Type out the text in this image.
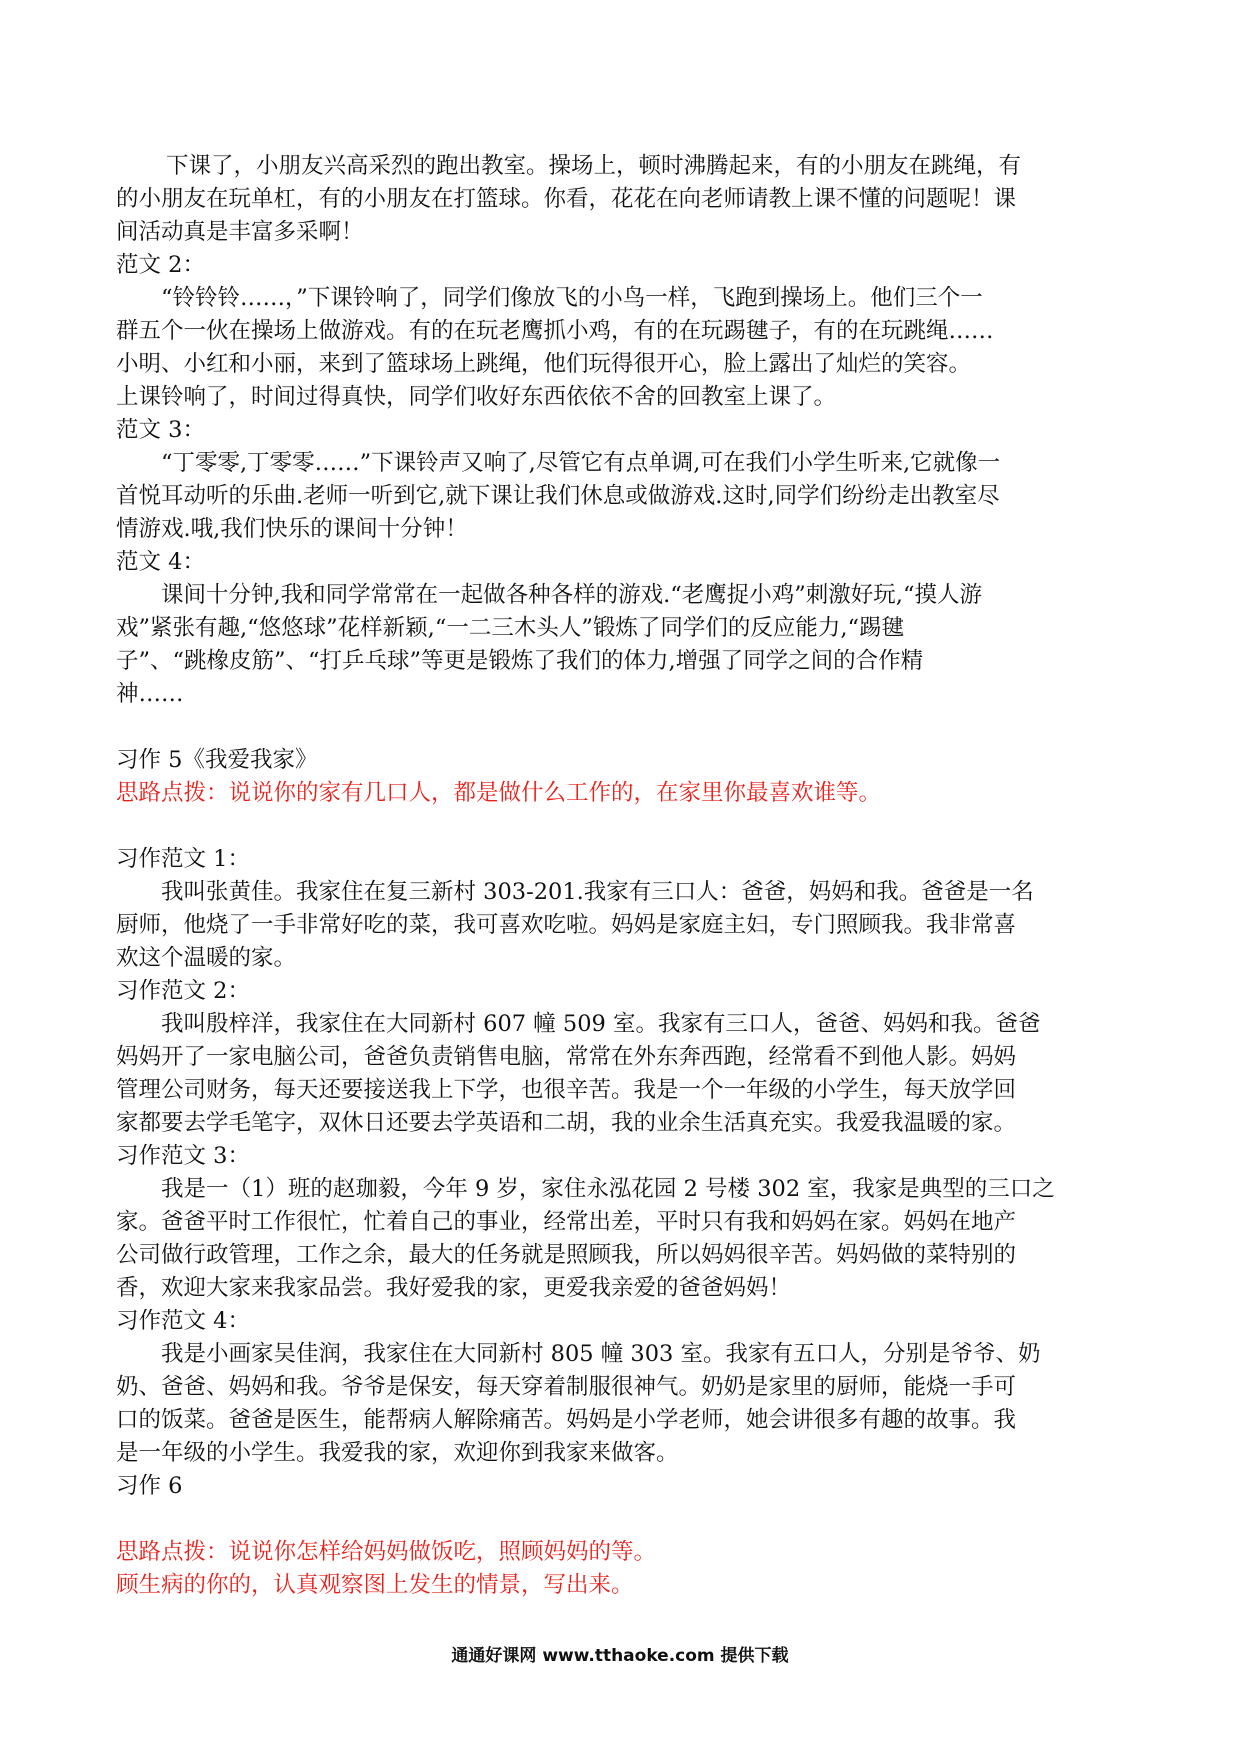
下课了，小朋友兴高采烈的跑出教室。操场上，顿时沸腾起来，有的小朋友在跳绳，有

的小朋友在玩单杠，有的小朋友在打篮球。你看，花花在向老师请教上课不懂的问题呢！课

间活动真是丰富多采啊！

范文 2：

“铃铃铃……，”下课铃响了，同学们像放飞的小鸟一样，飞跑到操场上。他们三个一

群五个一伙在操场上做游戏。有的在玩老鹰抓小鸡，有的在玩踢毽子，有的在玩跳绳……

小明、小红和小丽，来到了篮球场上跳绳，他们玩得很开心，脸上露出了灿烂的笑容。

上课铃响了，时间过得真快，同学们收好东西依依不舍的回教室上课了。

范文 3：

“丁零零,丁零零……”下课铃声又响了,尽管它有点单调,可在我们小学生听来,它就像一

首悦耳动听的乐曲.老师一听到它,就下课让我们休息或做游戏.这时,同学们纷纷走出教室尽

情游戏.哦,我们快乐的课间十分钟！

范文 4：

课间十分钟,我和同学常常在一起做各种各样的游戏.“老鹰捉小鸡”刺激好玩,“摸人游

戏”紧张有趣,“悠悠球”花样新颖,“一二三木头人”锻炼了同学们的反应能力,“踢毽

子”、“跳橡皮筋”、“打乒乓球”等更是锻炼了我们的体力,增强了同学之间的合作精

神……

习作 5《我爱我家》

思路点拨：说说你的家有几口人，都是做什么工作的，在家里你最喜欢谁等。

习作范文 1：

我叫张黄佳。我家住在复三新村 303-201.我家有三口人：爸爸，妈妈和我。爸爸是一名

厨师，他烧了一手非常好吃的菜，我可喜欢吃啦。妈妈是家庭主妇，专门照顾我。我非常喜

欢这个温暖的家。

习作范文 2：

我叫殷梓洋，我家住在大同新村 607 幢 509 室。我家有三口人，爸爸、妈妈和我。爸爸

妈妈开了一家电脑公司，爸爸负责销售电脑，常常在外东奔西跑，经常看不到他人影。妈妈

管理公司财务，每天还要接送我上下学，也很辛苦。我是一个一年级的小学生，每天放学回

家都要去学毛笔字，双休日还要去学英语和二胡，我的业余生活真充实。我爱我温暖的家。

习作范文 3：

我是一（1）班的赵珈毅，今年 9 岁，家住永泓花园 2 号楼 302 室，我家是典型的三口之

家。爸爸平时工作很忙，忙着自己的事业，经常出差，平时只有我和妈妈在家。妈妈在地产

公司做行政管理，工作之余，最大的任务就是照顾我，所以妈妈很辛苦。妈妈做的菜特别的

香，欢迎大家来我家品尝。我好爱我的家，更爱我亲爱的爸爸妈妈！

习作范文 4：

我是小画家吴佳润，我家住在大同新村 805 幢 303 室。我家有五口人，分别是爷爷、奶

奶、爸爸、妈妈和我。爷爷是保安，每天穿着制服很神气。奶奶是家里的厨师，能烧一手可

口的饭菜。爸爸是医生，能帮病人解除痛苦。妈妈是小学老师，她会讲很多有趣的故事。我

是一年级的小学生。我爱我的家，欢迎你到我家来做客。

习作 6

思路点拨：说说你怎样给妈妈做饭吃，照顾妈妈的等。

顾生病的你的，认真观察图上发生的情景，写出来。

通通好课网 www.tthaoke.com 提供下载
